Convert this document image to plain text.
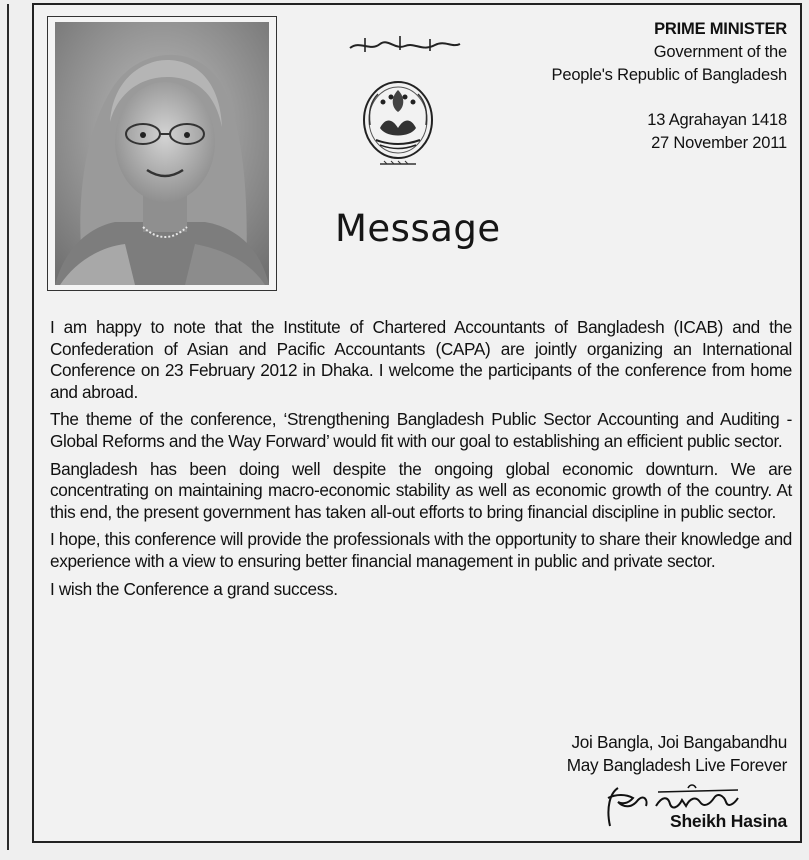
PRIME MINISTER
Government of the
People's Republic of Bangladesh
13 Agrahayan 1418
27 November 2011
Message

I am happy to note that the Institute of Chartered Accountants of Bangladesh (ICAB) and the Confederation of Asian and Pacific Accountants (CAPA) are jointly organizing an International Conference on 23 February 2012 in Dhaka. I welcome the participants of the conference from home and abroad.

The theme of the conference, ‘Strengthening Bangladesh Public Sector Accounting and Auditing - Global Reforms and the Way Forward’ would fit with our goal to establishing an efficient public sector.

Bangladesh has been doing well despite the ongoing global economic downturn. We are concentrating on maintaining macro-economic stability as well as economic growth of the country. At this end, the present government has taken all-out efforts to bring financial discipline in public sector.

I hope, this conference will provide the professionals with the opportunity to share their knowledge and experience with a view to ensuring better financial management in public and private sector.

I wish the Conference a grand success.

Joi Bangla, Joi Bangabandhu
May Bangladesh Live Forever
Sheikh Hasina
